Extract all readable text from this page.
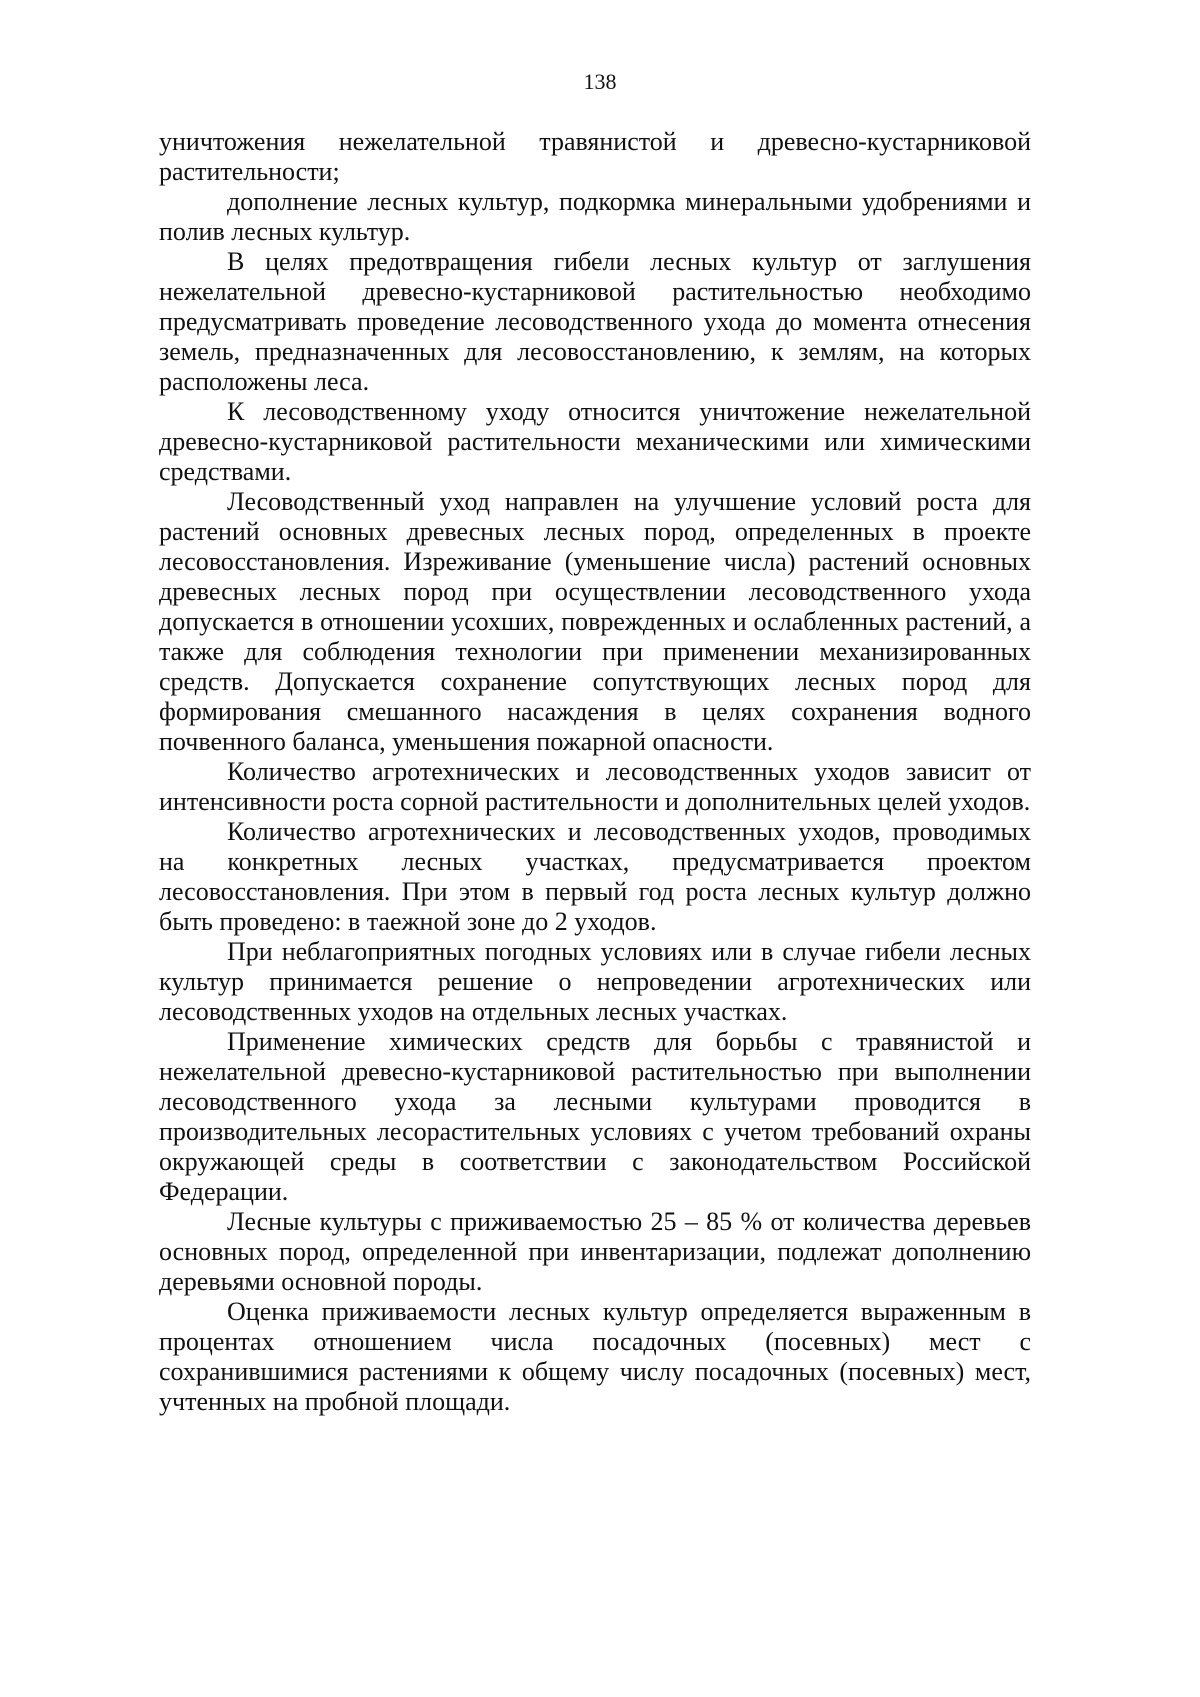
138

уничтожения нежелательной травянистой и древесно-кустарниковой растительности;

дополнение лесных культур, подкормка минеральными удобрениями и полив лесных культур.

В целях предотвращения гибели лесных культур от заглушения нежелательной древесно-кустарниковой растительностью необходимо предусматривать проведение лесоводственного ухода до момента отнесения земель, предназначенных для лесовосстановлению, к землям, на которых расположены леса.

К лесоводственному уходу относится уничтожение нежелательной древесно-кустарниковой растительности механическими или химическими средствами.

Лесоводственный уход направлен на улучшение условий роста для растений основных древесных лесных пород, определенных в проекте лесовосстановления. Изреживание (уменьшение числа) растений основных древесных лесных пород при осуществлении лесоводственного ухода допускается в отношении усохших, поврежденных и ослабленных растений, а также для соблюдения технологии при применении механизированных средств. Допускается сохранение сопутствующих лесных пород для формирования смешанного насаждения в целях сохранения водного почвенного баланса, уменьшения пожарной опасности.

Количество агротехнических и лесоводственных уходов зависит от интенсивности роста сорной растительности и дополнительных целей уходов.

Количество агротехнических и лесоводственных уходов, проводимых на конкретных лесных участках, предусматривается проектом лесовосстановления. При этом в первый год роста лесных культур должно быть проведено: в таежной зоне до 2 уходов.

При неблагоприятных погодных условиях или в случае гибели лесных культур принимается решение о непроведении агротехнических или лесоводственных уходов на отдельных лесных участках.

Применение химических средств для борьбы с травянистой и нежелательной древесно-кустарниковой растительностью при выполнении лесоводственного ухода за лесными культурами проводится в производительных лесорастительных условиях с учетом требований охраны окружающей среды в соответствии с законодательством Российской Федерации.

Лесные культуры с приживаемостью 25 – 85 % от количества деревьев основных пород, определенной при инвентаризации, подлежат дополнению деревьями основной породы.

Оценка приживаемости лесных культур определяется выраженным в процентах отношением числа посадочных (посевных) мест с сохранившимися растениями к общему числу посадочных (посевных) мест, учтенных на пробной площади.
